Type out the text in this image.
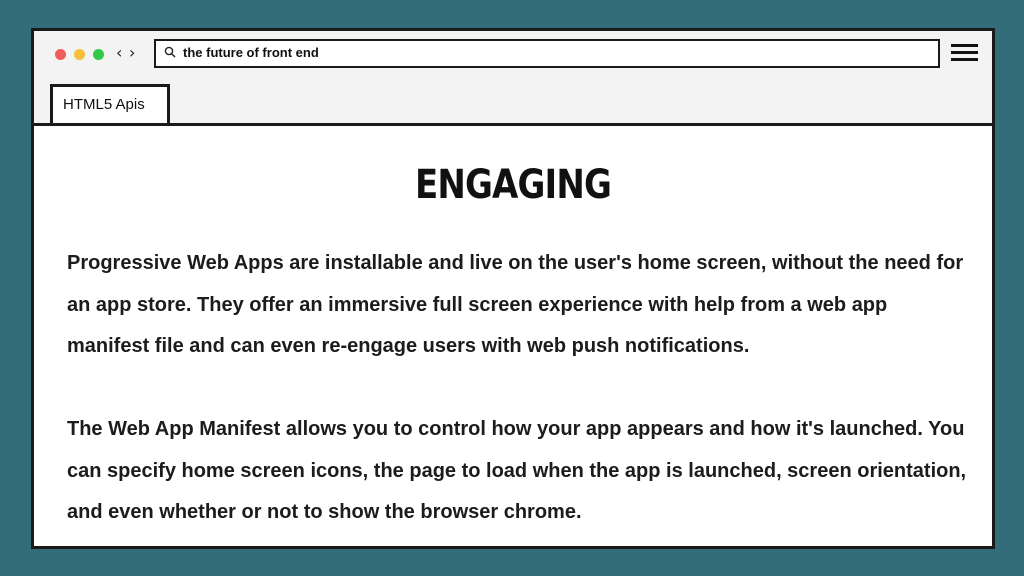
‹ ›	the future of front end
HTML5 Apis
ENGAGING

Progressive Web Apps are installable and live on the user's home screen, without the need for an app store. They offer an immersive full screen experience with help from a web app manifest file and can even re-engage users with web push notifications.

The Web App Manifest allows you to control how your app appears and how it's launched. You can specify home screen icons, the page to load when the app is launched, screen orientation, and even whether or not to show the browser chrome.
